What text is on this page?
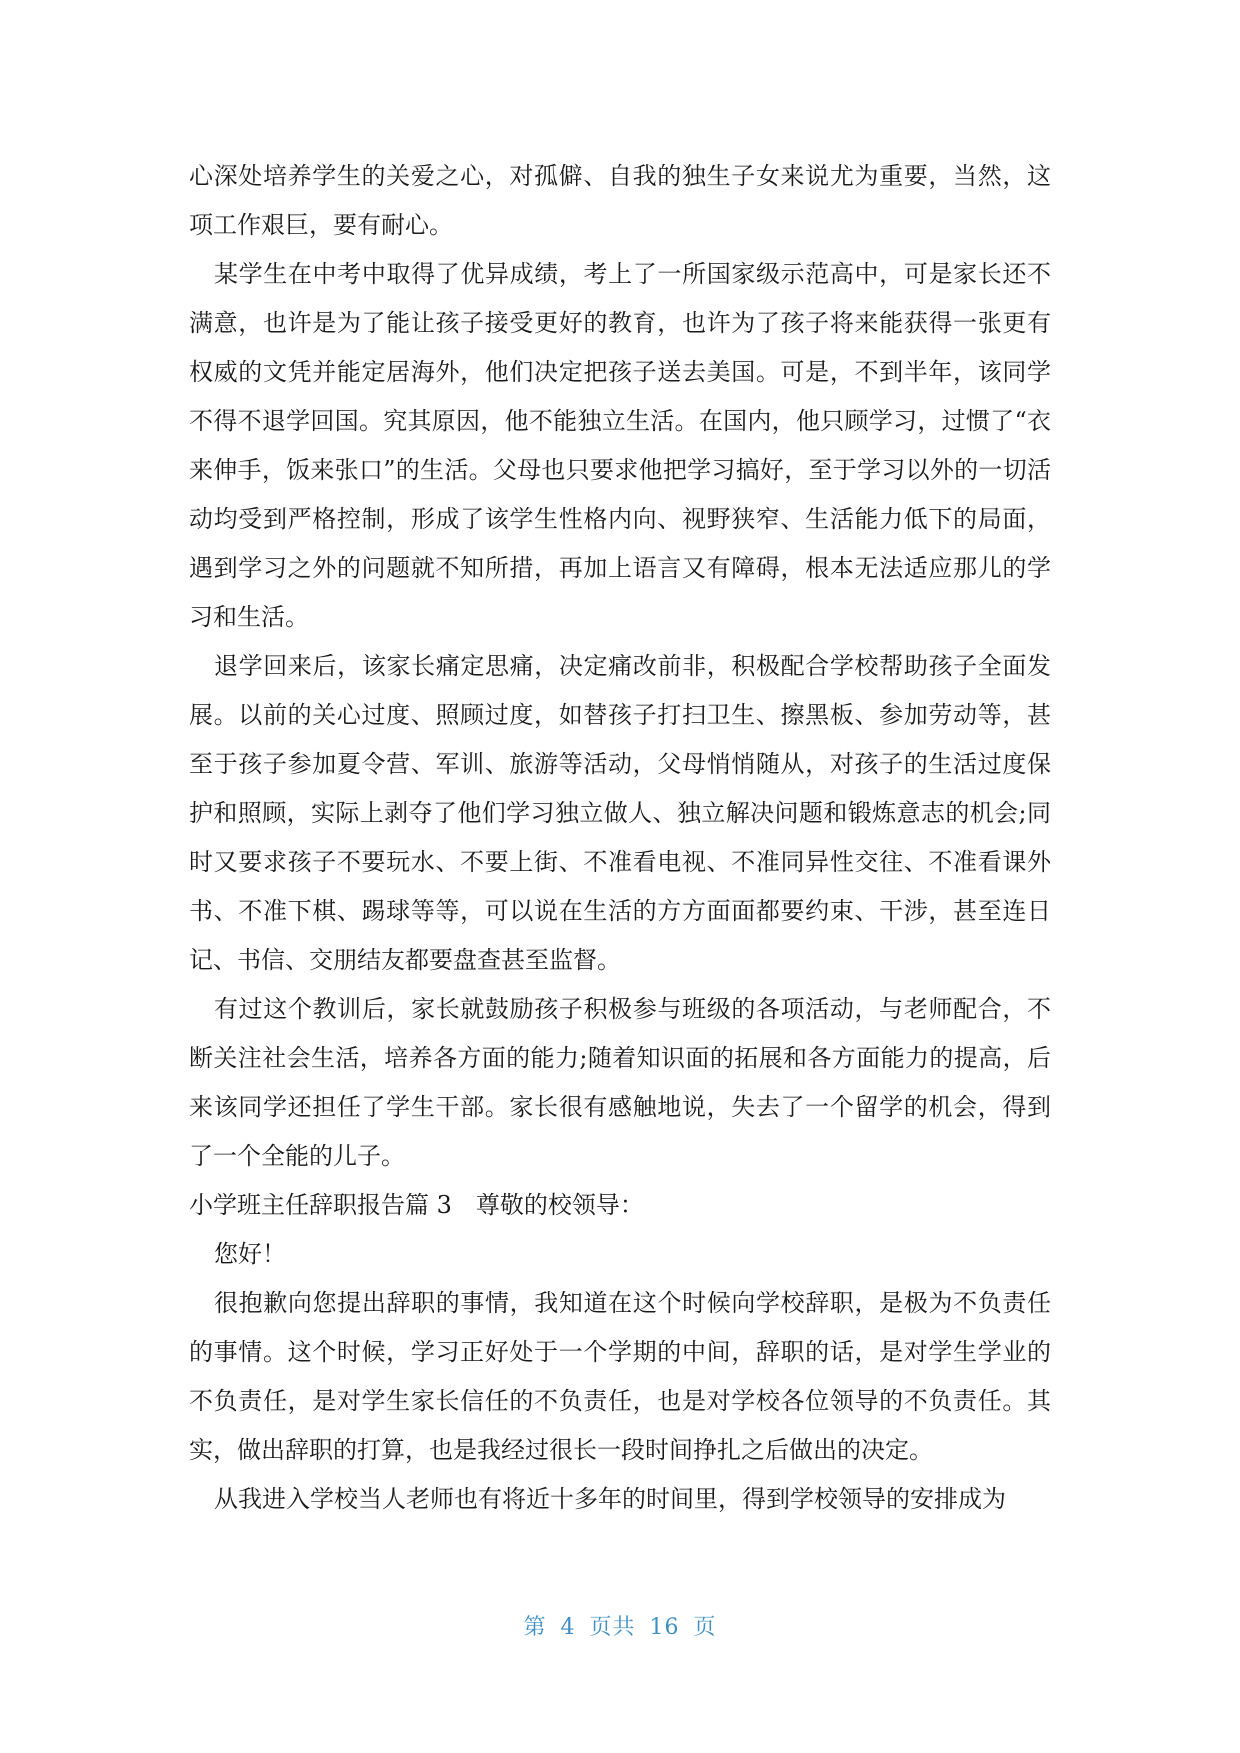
心深处培养学生的关爱之心，对孤僻、自我的独生子女来说尤为重要，当然，这项工作艰巨，要有耐心。

某学生在中考中取得了优异成绩，考上了一所国家级示范高中，可是家长还不满意，也许是为了能让孩子接受更好的教育，也许为了孩子将来能获得一张更有权威的文凭并能定居海外，他们决定把孩子送去美国。可是，不到半年，该同学不得不退学回国。究其原因，他不能独立生活。在国内，他只顾学习，过惯了“衣来伸手，饭来张口”的生活。父母也只要求他把学习搞好，至于学习以外的一切活动均受到严格控制，形成了该学生性格内向、视野狭窄、生活能力低下的局面，遇到学习之外的问题就不知所措，再加上语言又有障碍，根本无法适应那儿的学习和生活。

退学回来后，该家长痛定思痛，决定痛改前非，积极配合学校帮助孩子全面发展。以前的关心过度、照顾过度，如替孩子打扫卫生、擦黑板、参加劳动等，甚至于孩子参加夏令营、军训、旅游等活动，父母悄悄随从，对孩子的生活过度保护和照顾，实际上剥夺了他们学习独立做人、独立解决问题和锻炼意志的机会;同时又要求孩子不要玩水、不要上街、不准看电视、不准同异性交往、不准看课外书、不准下棋、踢球等等，可以说在生活的方方面面都要约束、干涉，甚至连日记、书信、交朋结友都要盘查甚至监督。

有过这个教训后，家长就鼓励孩子积极参与班级的各项活动，与老师配合，不断关注社会生活，培养各方面的能力;随着知识面的拓展和各方面能力的提高，后来该同学还担任了学生干部。家长很有感触地说，失去了一个留学的机会，得到了一个全能的儿子。

小学班主任辞职报告篇 3 尊敬的校领导：

您好！

很抱歉向您提出辞职的事情，我知道在这个时候向学校辞职，是极为不负责任的事情。这个时候，学习正好处于一个学期的中间，辞职的话，是对学生学业的不负责任，是对学生家长信任的不负责任，也是对学校各位领导的不负责任。其实，做出辞职的打算，也是我经过很长一段时间挣扎之后做出的决定。

从我进入学校当人老师也有将近十多年的时间里，得到学校领导的安排成为

第 4 页共 16 页
